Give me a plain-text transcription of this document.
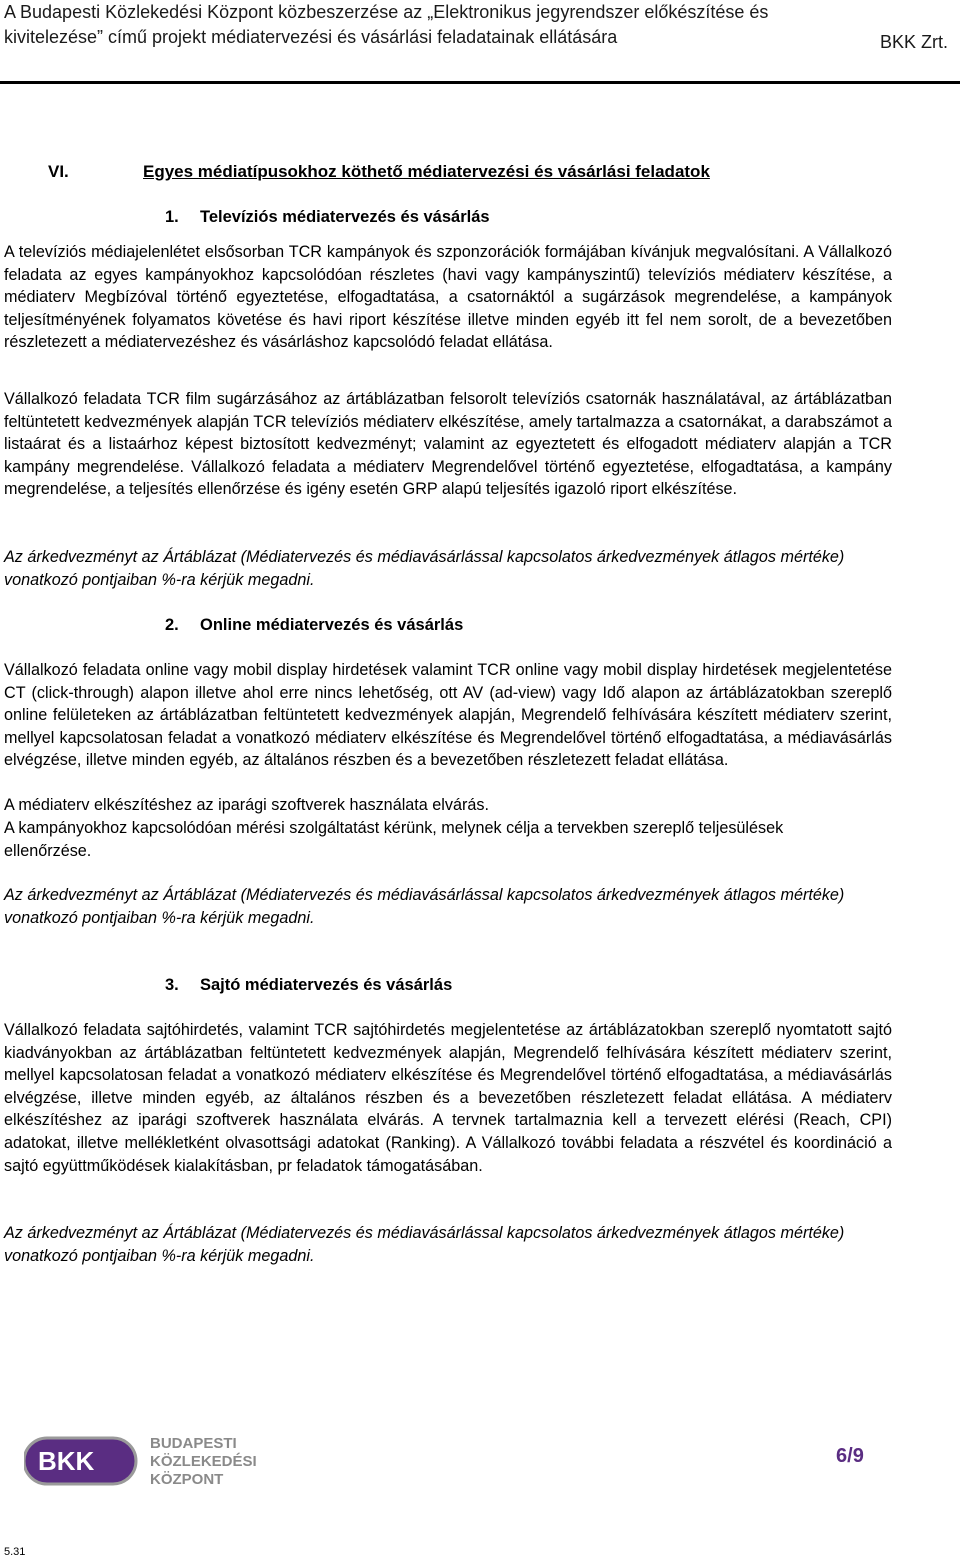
A Budapesti Közlekedési Központ közbeszerzése az „Elektronikus jegyrendszer előkészítése és kivitelezése” című projekt médiatervezési és vásárlási feladatainak ellátására	BKK Zrt.
VI.	Egyes médiatípusokhoz köthető médiatervezési és vásárlási feladatok
1. Televíziós médiatervezés és vásárlás

A televíziós médiajelenlétet elsősorban TCR kampányok és szponzorációk formájában kívánjuk megvalósítani. A Vállalkozó feladata az egyes kampányokhoz kapcsolódóan részletes (havi vagy kampányszintű) televíziós médiaterv készítése, a médiaterv Megbízóval történő egyeztetése, elfogadtatása, a csatornáktól a sugárzások megrendelése, a kampányok teljesítményének folyamatos követése és havi riport készítése illetve minden egyéb itt fel nem sorolt, de a bevezetőben részletezett a médiatervezéshez és vásárláshoz kapcsolódó feladat ellátása.

Vállalkozó feladata TCR film sugárzásához az ártáblázatban felsorolt televíziós csatornák használatával, az ártáblázatban feltüntetett kedvezmények alapján TCR televíziós médiaterv elkészítése, amely tartalmazza a csatornákat, a darabszámot a listaárat és a listaárhoz képest biztosított kedvezményt; valamint az egyeztetett és elfogadott médiaterv alapján a TCR kampány megrendelése. Vállalkozó feladata a médiaterv Megrendelővel történő egyeztetése, elfogadtatása, a kampány megrendelése, a teljesítés ellenőrzése és igény esetén GRP alapú teljesítés igazoló riport elkészítése.

Az árkedvezményt az Ártáblázat (Médiatervezés és médiavásárlással kapcsolatos árkedvezmények átlagos mértéke) vonatkozó pontjaiban %-ra kérjük megadni.

2. Online médiatervezés és vásárlás

Vállalkozó feladata online vagy mobil display hirdetések valamint TCR online vagy mobil display hirdetések megjelentetése CT (click-through) alapon illetve ahol erre nincs lehetőség, ott AV (ad-view) vagy Idő alapon az ártáblázatokban szereplő online felületeken az ártáblázatban feltüntetett kedvezmények alapján, Megrendelő felhívására készített médiaterv szerint, mellyel kapcsolatosan feladat a vonatkozó médiaterv elkészítése és Megrendelővel történő elfogadtatása, a médiavásárlás elvégzése, illetve minden egyéb, az általános részben és a bevezetőben részletezett feladat ellátása.

A médiaterv elkészítéshez az iparági szoftverek használata elvárás.

A kampányokhoz kapcsolódóan mérési szolgáltatást kérünk, melynek célja a tervekben szereplő teljesülések ellenőrzése.

Az árkedvezményt az Ártáblázat (Médiatervezés és médiavásárlással kapcsolatos árkedvezmények átlagos mértéke) vonatkozó pontjaiban %-ra kérjük megadni.

3. Sajtó médiatervezés és vásárlás

Vállalkozó feladata sajtóhirdetés, valamint TCR sajtóhirdetés megjelentetése az ártáblázatokban szereplő nyomtatott sajtó kiadványokban az ártáblázatban feltüntetett kedvezmények alapján, Megrendelő felhívására készített médiaterv szerint, mellyel kapcsolatosan feladat a vonatkozó médiaterv elkészítése és Megrendelővel történő elfogadtatása, a médiavásárlás elvégzése, illetve minden egyéb, az általános részben és a bevezetőben részletezett feladat ellátása. A médiaterv elkészítéshez az iparági szoftverek használata elvárás. A tervnek tartalmaznia kell a tervezett elérési (Reach, CPI) adatokat, illetve mellékletként olvasottsági adatokat (Ranking). A Vállalkozó további feladata a részvétel és koordináció a sajtó együttműködések kialakításban, pr feladatok támogatásában.

Az árkedvezményt az Ártáblázat (Médiatervezés és médiavásárlással kapcsolatos árkedvezmények átlagos mértéke) vonatkozó pontjaiban %-ra kérjük megadni.

BKK
BUDAPESTI
KÖZLEKEDÉSI
KÖZPONT
6/9
5.31
